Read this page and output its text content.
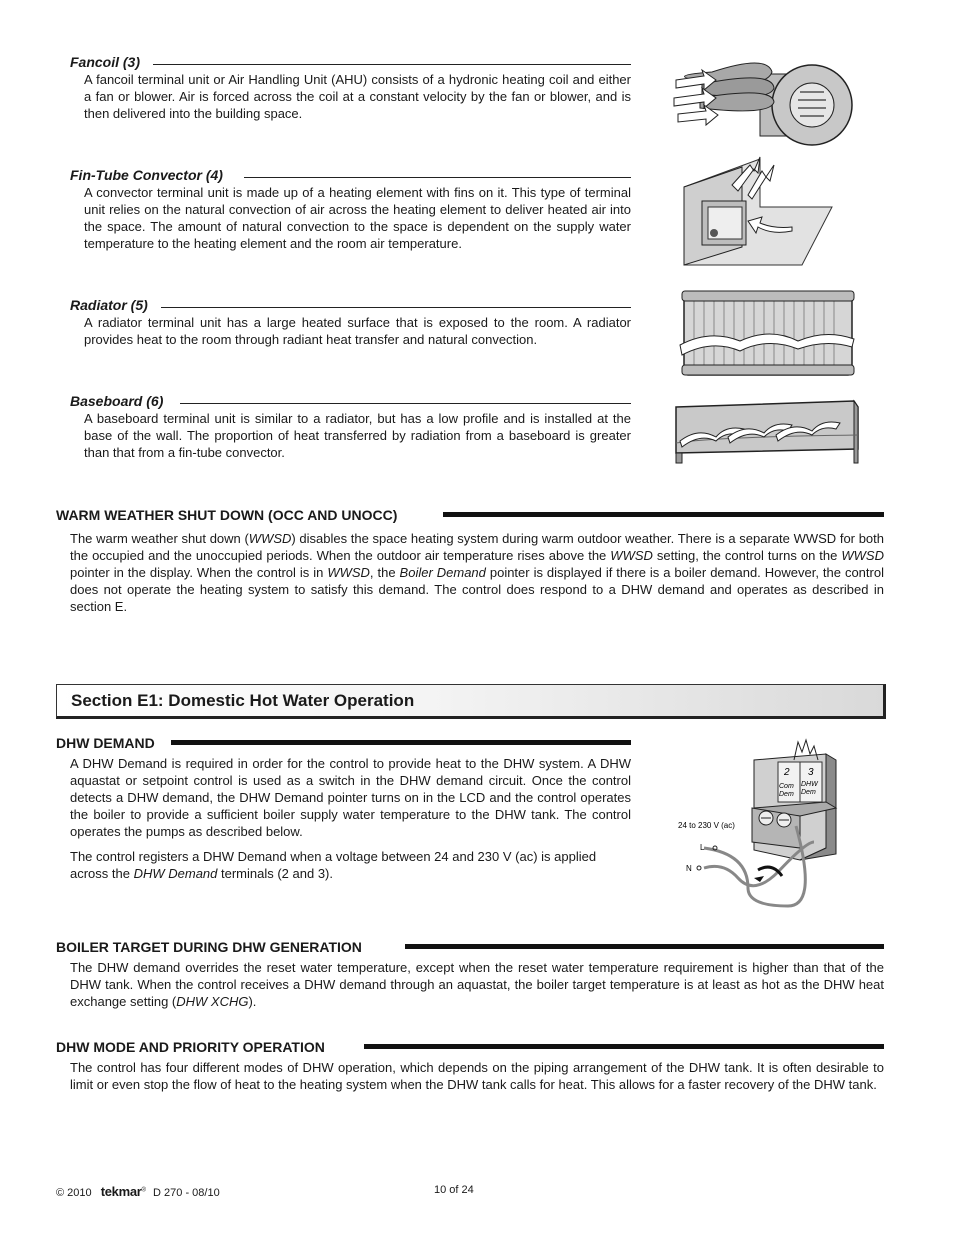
Fancoil (3)
A fancoil terminal unit or Air Handling Unit (AHU) consists of a hydronic heating coil and either a fan or blower. Air is forced across the coil at a constant velocity by the fan or blower, and is then delivered into the building space.
Fin-Tube Convector (4)
A convector terminal unit is made up of a heating element with fins on it. This type of terminal unit relies on the natural convection of air across the heating element to deliver heated air into the space. The amount of natural convection to the space is dependent on the supply water temperature to the heating element and the room air temperature.
Radiator (5)
A radiator terminal unit has a large heated surface that is exposed to the room. A radiator provides heat to the room through radiant heat transfer and natural convection.
Baseboard (6)
A baseboard terminal unit is similar to a radiator, but has a low profile and is installed at the base of the wall. The proportion of heat transferred by radiation from a baseboard is greater than that from a fin-tube convector.
WARM WEATHER SHUT DOWN (OCC AND UNOCC)
The warm weather shut down (WWSD) disables the space heating system during warm outdoor weather. There is a separate WWSD for both the occupied and the unoccupied periods. When the outdoor air temperature rises above the WWSD setting, the control turns on the WWSD pointer in the display. When the control is in WWSD, the Boiler Demand pointer is displayed if there is a boiler demand. However, the control does not operate the heating system to satisfy this demand. The control does respond to a DHW demand and operates as described in section E.
Section E1: Domestic Hot Water Operation
DHW DEMAND
A DHW Demand is required in order for the control to provide heat to the DHW system. A DHW aquastat or setpoint control is used as a switch in the DHW demand circuit. Once the control detects a DHW demand, the DHW Demand pointer turns on in the LCD and the control operates the boiler to provide a sufficient boiler supply water temperature to the DHW tank. The control operates the pumps as described below.
The control registers a DHW Demand when a voltage between 24 and 230 V (ac) is applied across the DHW Demand terminals (2 and 3).
2 3
Com
Dem
DHW
Dem
24 to 230 V (ac)
L
N
BOILER TARGET DURING DHW GENERATION
The DHW demand overrides the reset water temperature, except when the reset water temperature requirement is higher than that of the DHW tank. When the control receives a DHW demand through an aquastat, the boiler target temperature is at least as hot as the DHW heat exchange setting (DHW XCHG).
DHW MODE AND PRIORITY OPERATION
The control has four different modes of DHW operation, which depends on the piping arrangement of the DHW tank. It is often desirable to limit or even stop the flow of heat to the heating system when the DHW tank calls for heat. This allows for a faster recovery of the DHW tank.
© 2010 tekmar® D 270 - 08/10	10 of 24
